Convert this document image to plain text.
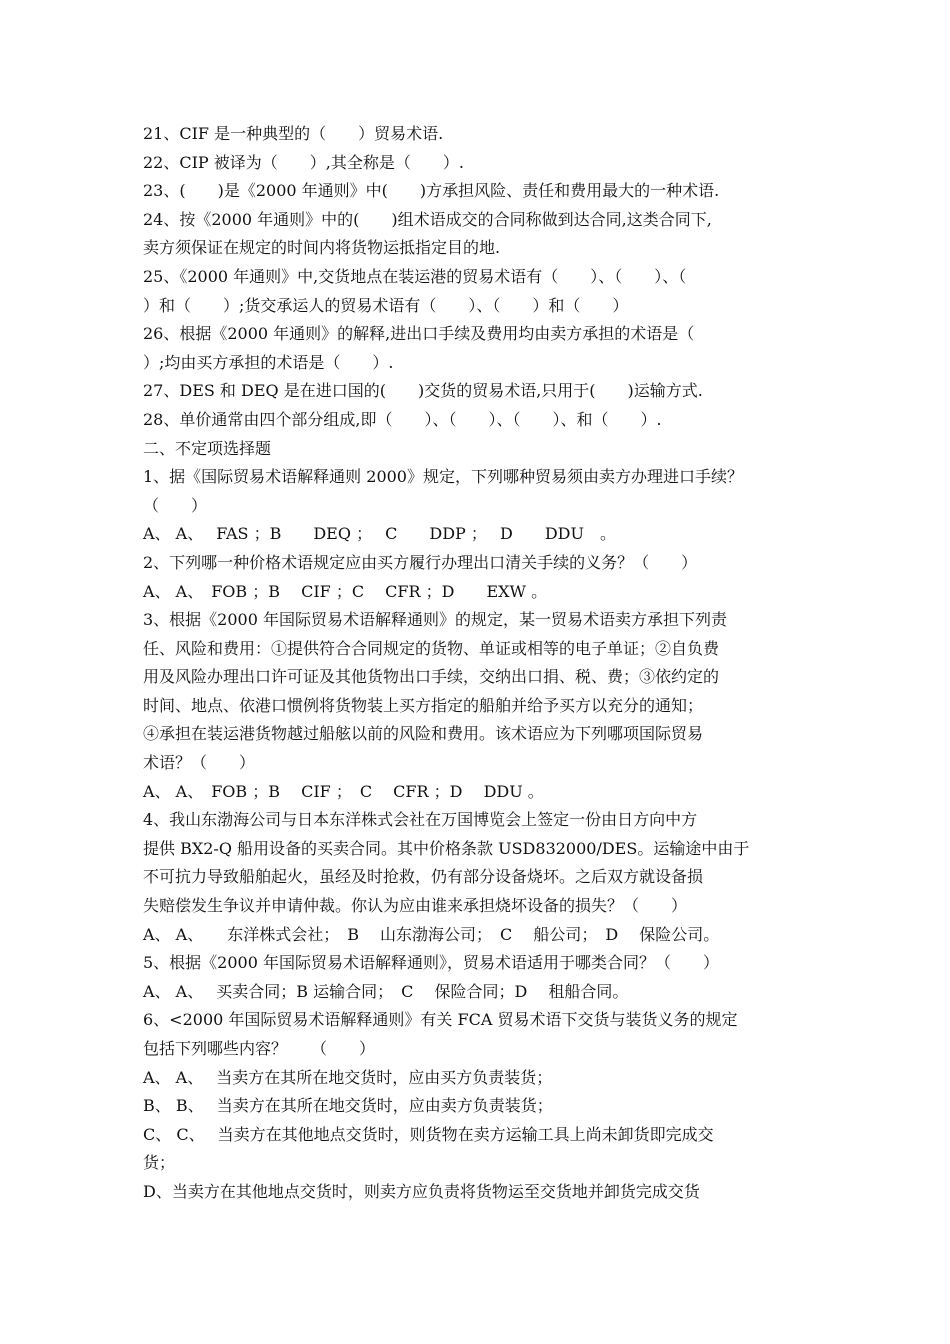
21、CIF 是一种典型的（　　）贸易术语.
22、CIP 被译为（　　）,其全称是（　　）.
23、(　　)是《2000 年通则》中(　　)方承担风险、责任和费用最大的一种术语.
24、按《2000 年通则》中的(　　)组术语成交的合同称做到达合同,这类合同下,
卖方须保证在规定的时间内将货物运抵指定目的地.
25、《2000 年通则》中,交货地点在装运港的贸易术语有（　　）、（　　）、（
）和（　　）;货交承运人的贸易术语有（　　）、（　　）和（　　）
26、根据《2000 年通则》的解释,进出口手续及费用均由卖方承担的术语是（
）;均由买方承担的术语是（　　）.
27、DES 和 DEQ 是在进口国的(　　)交货的贸易术语,只用于(　　)运输方式.
28、单价通常由四个部分组成,即（　　）、（　　）、（　　）、和（　　）.
二、不定项选择题
1、据《国际贸易术语解释通则 2000》规定，下列哪种贸易须由卖方办理进口手续？
（　　）
A、 A、　 FAS ；B　　DEQ ；　 C　　DDP ；　 D　　DDU　。
2、下列哪一种价格术语规定应由买方履行办理出口清关手续的义务？（　　）
A、 A、　FOB ；B　 CIF ；C　 CFR ；D　　EXW 。
3、根据《2000 年国际贸易术语解释通则》的规定，某一贸易术语卖方承担下列责
任、风险和费用：①提供符合合同规定的货物、单证或相等的电子单证；②自负费
用及风险办理出口许可证及其他货物出口手续，交纳出口捐、税、费；③依约定的
时间、地点、依港口惯例将货物装上买方指定的船舶并给予买方以充分的通知；
④承担在装运港货物越过船舷以前的风险和费用。该术语应为下列哪项国际贸易
术语？（　　）
A、 A、　FOB ；B　 CIF ；　C　 CFR ；D　 DDU 。
4、我山东渤海公司与日本东洋株式会社在万国博览会上签定一份由日方向中方
提供 BX2-Q 船用设备的买卖合同。其中价格条款 USD832000/DES。运输途中由于
不可抗力导致船舶起火，虽经及时抢救，仍有部分设备烧坏。之后双方就设备损
失赔偿发生争议并申请仲裁。你认为应由谁来承担烧坏设备的损失？（　　）
A、 A、　　东洋株式会社；　B　 山东渤海公司；　C　 船公司；　D　 保险公司。
5、根据《2000 年国际贸易术语解释通则》，贸易术语适用于哪类合同？（　　）
A、 A、　 买卖合同；B 运输合同；　C　 保险合同；D　 租船合同。
6、<2000 年国际贸易术语解释通则》有关 FCA 贸易术语下交货与装货义务的规定
包括下列哪些内容？　　（　　）
A、 A、　 当卖方在其所在地交货时，应由买方负责装货；
B、 B、　 当卖方在其所在地交货时，应由卖方负责装货；
C、 C、　 当卖方在其他地点交货时，则货物在卖方运输工具上尚未卸货即完成交
货；
D、当卖方在其他地点交货时，则卖方应负责将货物运至交货地并卸货完成交货
